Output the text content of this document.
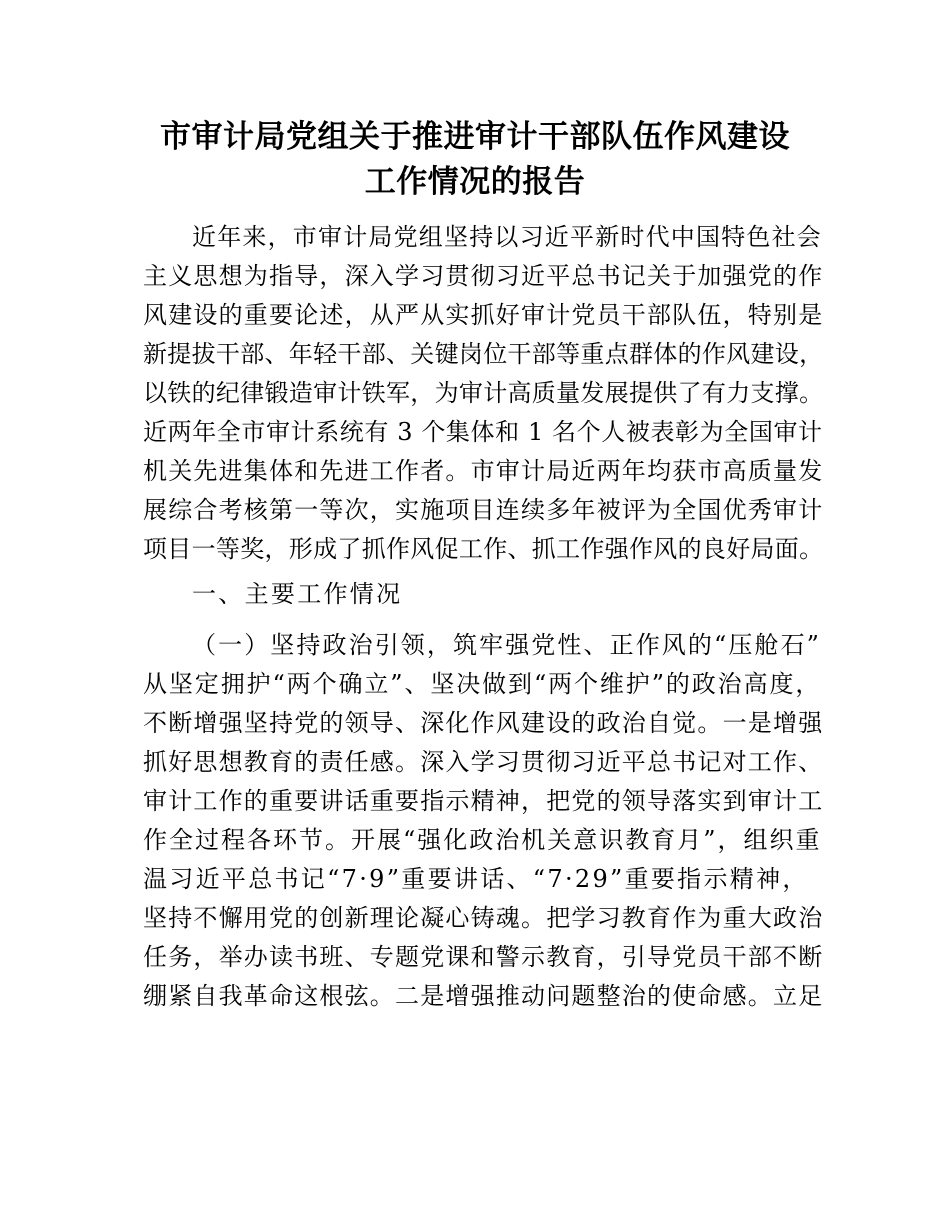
市审计局党组关于推进审计干部队伍作风建设
工作情况的报告
近年来，市审计局党组坚持以习近平新时代中国特色社会
主义思想为指导，深入学习贯彻习近平总书记关于加强党的作
风建设的重要论述，从严从实抓好审计党员干部队伍，特别是
新提拔干部、年轻干部、关键岗位干部等重点群体的作风建设，
以铁的纪律锻造审计铁军，为审计高质量发展提供了有力支撑。
近两年全市审计系统有 3 个集体和 1 名个人被表彰为全国审计
机关先进集体和先进工作者。市审计局近两年均获市高质量发
展综合考核第一等次，实施项目连续多年被评为全国优秀审计
项目一等奖，形成了抓作风促工作、抓工作强作风的良好局面。
一、主要工作情况
（一）坚持政治引领，筑牢强党性、正作风的“压舱石”
从坚定拥护“两个确立”、坚决做到“两个维护”的政治高度，
不断增强坚持党的领导、深化作风建设的政治自觉。一是增强
抓好思想教育的责任感。深入学习贯彻习近平总书记对工作、
审计工作的重要讲话重要指示精神，把党的领导落实到审计工
作全过程各环节。开展“强化政治机关意识教育月”，组织重
温习近平总书记“7·9”重要讲话、“7·29”重要指示精神，
坚持不懈用党的创新理论凝心铸魂。把学习教育作为重大政治
任务，举办读书班、专题党课和警示教育，引导党员干部不断
绷紧自我革命这根弦。二是增强推动问题整治的使命感。立足
